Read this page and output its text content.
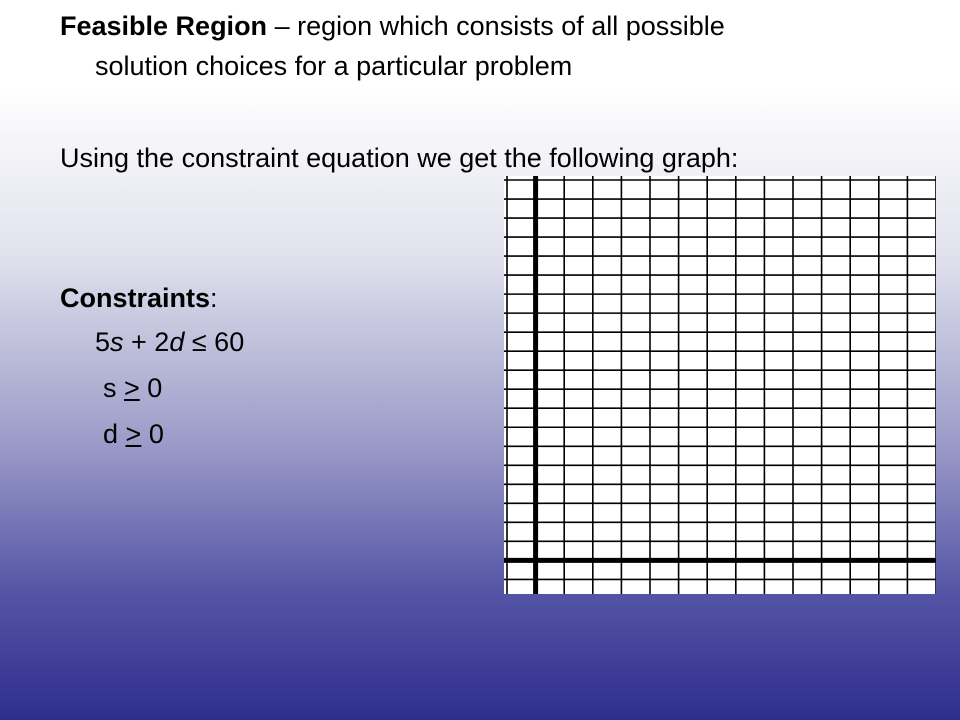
Feasible Region – region which consists of all possible
solution choices for a particular problem
Using the constraint equation we get the following graph:
Constraints:
5s + 2d ≤ 60
s > 0
d > 0
